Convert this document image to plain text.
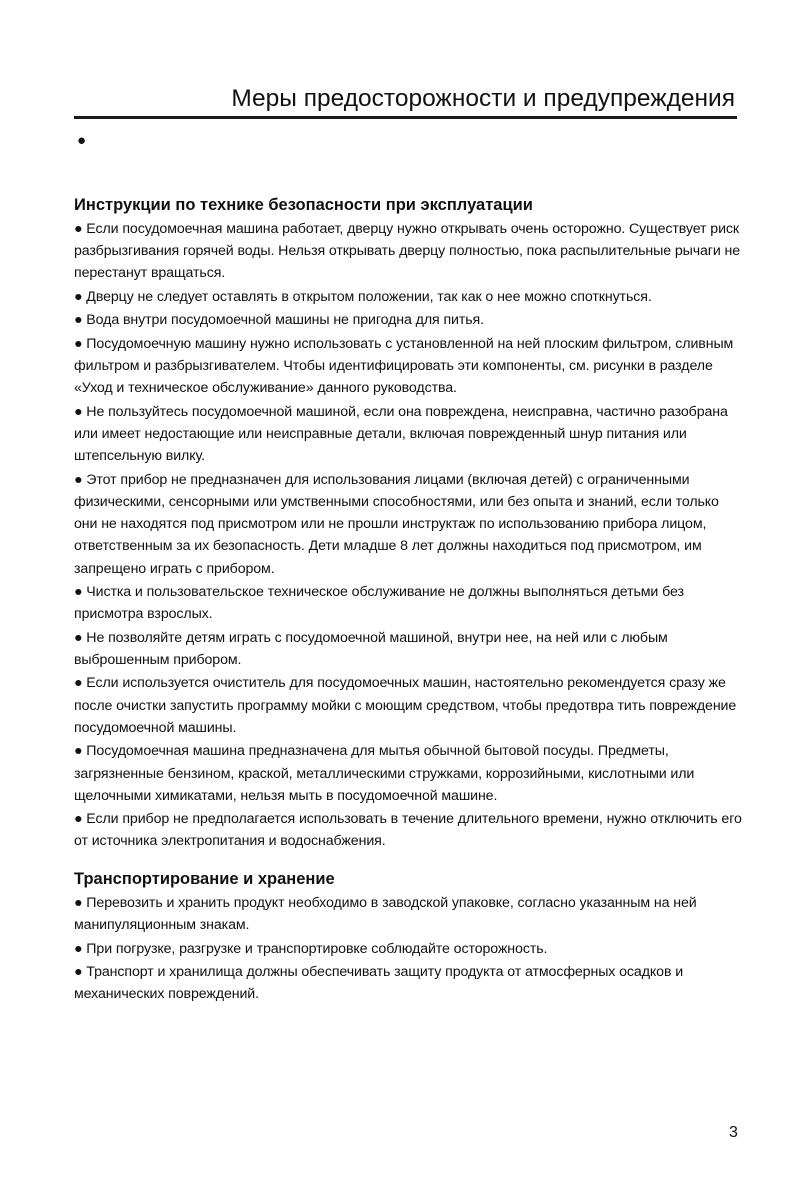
Меры предосторожности и предупреждения
●
Инструкции по технике безопасности при эксплуатации
● Если посудомоечная машина работает, дверцу нужно открывать очень осторожно. Существует риск разбрызгивания горячей воды. Нельзя открывать дверцу полностью, пока распылительные рычаги не перестанут вращаться.
● Дверцу не следует оставлять в открытом положении, так как о нее можно споткнуться.
● Вода внутри посудомоечной машины не пригодна для питья.
● Посудомоечную машину нужно использовать с установленной на ней плоским фильтром, сливным фильтром и разбрызгивателем. Чтобы идентифицировать эти компоненты, см. рисунки в разделе «Уход и техническое обслуживание» данного руководства.
● Не пользуйтесь посудомоечной машиной, если она повреждена, неисправна, частично разобрана или имеет недостающие или неисправные детали, включая поврежденный шнур питания или штепсельную вилку.
● Этот прибор не предназначен для использования лицами (включая детей) с ограниченными физическими, сенсорными или умственными способностями, или без опыта и знаний, если только они не находятся под присмотром или не прошли инструктаж по использованию прибора лицом, ответственным за их безопасность. Дети младше 8 лет должны находиться под присмотром, им запрещено играть с прибором.
● Чистка и пользовательское техническое обслуживание не должны выполняться детьми без присмотра взрослых.
● Не позволяйте детям играть с посудомоечной машиной, внутри нее, на ней или с любым выброшенным прибором.
● Если используется очиститель для посудомоечных машин, настоятельно рекомендуется сразу же после очистки запустить программу мойки с моющим средством, чтобы предотвра тить повреждение посудомоечной машины.
● Посудомоечная машина предназначена для мытья обычной бытовой посуды. Предметы, загрязненные бензином, краской, металлическими стружками, коррозийными, кислотными или щелочными химикатами, нельзя мыть в посудомоечной машине.
● Если прибор не предполагается использовать в течение длительного времени, нужно отключить его от источника электропитания и водоснабжения.
Транспортирование и хранение
● Перевозить и хранить продукт необходимо в заводской упаковке, согласно указанным на ней манипуляционным знакам.
● При погрузке, разгрузке и транспортировке соблюдайте осторожность.
● Транспорт и хранилища должны обеспечивать защиту продукта от атмосферных осадков и механических повреждений.
3
